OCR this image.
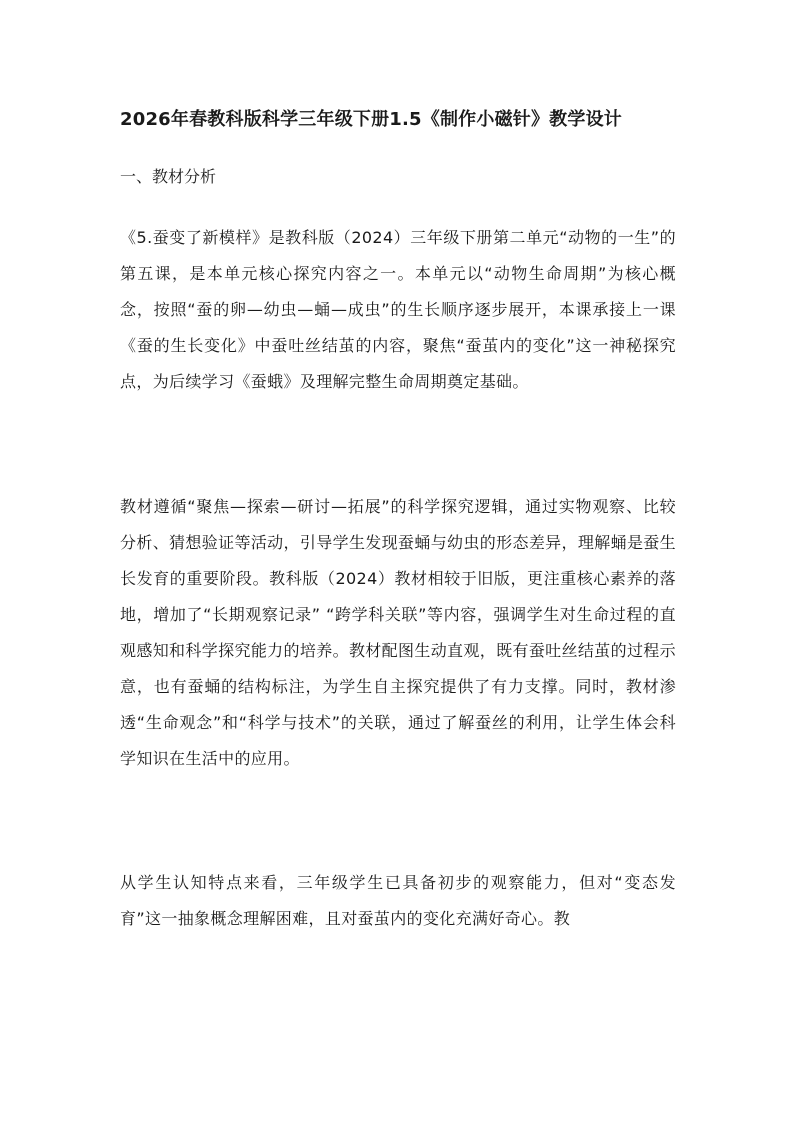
2026年春教科版科学三年级下册1.5《制作小磁针》教学设计
一、教材分析

《5.蚕变了新模样》是教科版（2024）三年级下册第二单元“动物的一生”的第五课，是本单元核心探究内容之一。本单元以“动物生命周期”为核心概念，按照“蚕的卵—幼虫—蛹—成虫”的生长顺序逐步展开，本课承接上一课《蚕的生长变化》中蚕吐丝结茧的内容，聚焦“蚕茧内的变化”这一神秘探究点，为后续学习《蚕蛾》及理解完整生命周期奠定基础。

教材遵循“聚焦—探索—研讨—拓展”的科学探究逻辑，通过实物观察、比较分析、猜想验证等活动，引导学生发现蚕蛹与幼虫的形态差异，理解蛹是蚕生长发育的重要阶段。教科版（2024）教材相较于旧版，更注重核心素养的落地，增加了“长期观察记录” “跨学科关联”等内容，强调学生对生命过程的直观感知和科学探究能力的培养。教材配图生动直观，既有蚕吐丝结茧的过程示意，也有蚕蛹的结构标注，为学生自主探究提供了有力支撑。同时，教材渗透“生命观念”和“科学与技术”的关联，通过了解蚕丝的利用，让学生体会科学知识在生活中的应用。

从学生认知特点来看，三年级学生已具备初步的观察能力，但对“变态发育”这一抽象概念理解困难，且对蚕茧内的变化充满好奇心。教
